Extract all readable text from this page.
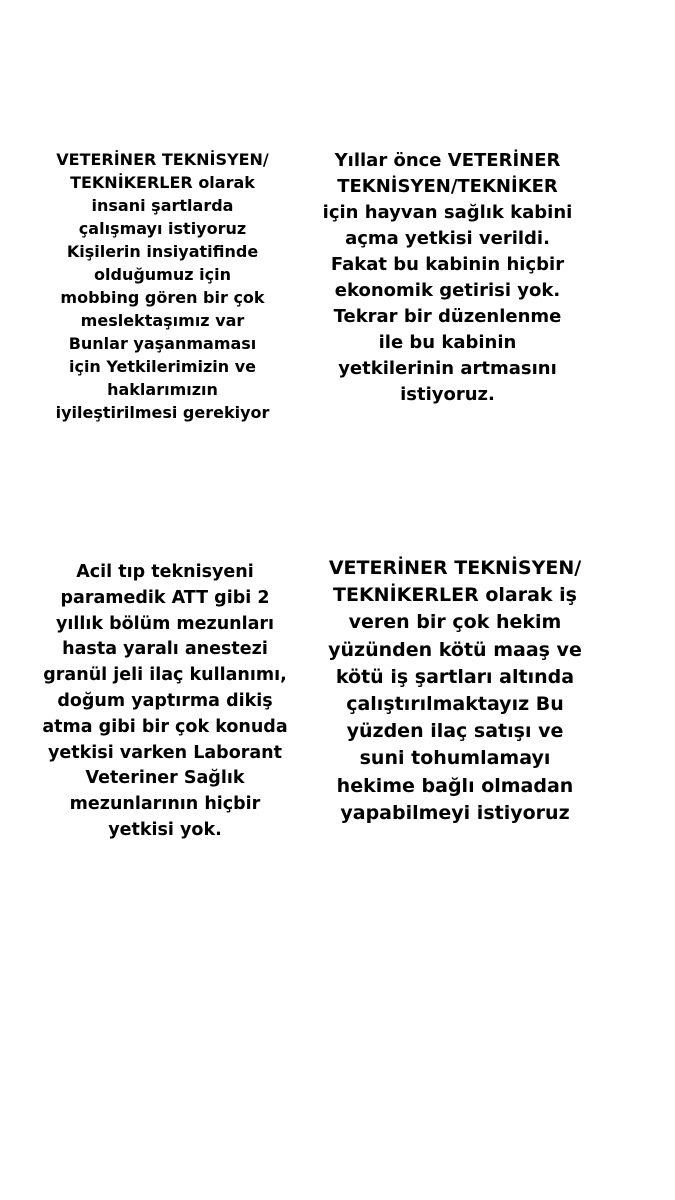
VETERİNER TEKNİSYEN/
TEKNİKERLER olarak
insani şartlarda
çalışmayı istiyoruz
Kişilerin insiyatifinde
olduğumuz için
mobbing gören bir çok
meslektaşımız var
Bunlar yaşanmaması
için Yetkilerimizin ve
haklarımızın
iyileştirilmesi gerekiyor

Yıllar önce VETERİNER
TEKNİSYEN/TEKNİKER
için hayvan sağlık kabini
açma yetkisi verildi.
Fakat bu kabinin hiçbir
ekonomik getirisi yok.
Tekrar bir düzenlenme
ile bu kabinin
yetkilerinin artmasını
istiyoruz.

Acil tıp teknisyeni
paramedik ATT gibi 2
yıllık bölüm mezunları
hasta yaralı anestezi
granül jeli ilaç kullanımı,
doğum yaptırma dikiş
atma gibi bir çok konuda
yetkisi varken Laborant
Veteriner Sağlık
mezunlarının hiçbir
yetkisi yok.

VETERİNER TEKNİSYEN/
TEKNİKERLER olarak iş
veren bir çok hekim
yüzünden kötü maaş ve
kötü iş şartları altında
çalıştırılmaktayız Bu
yüzden ilaç satışı ve
suni tohumlamayı
hekime bağlı olmadan
yapabilmeyi istiyoruz
